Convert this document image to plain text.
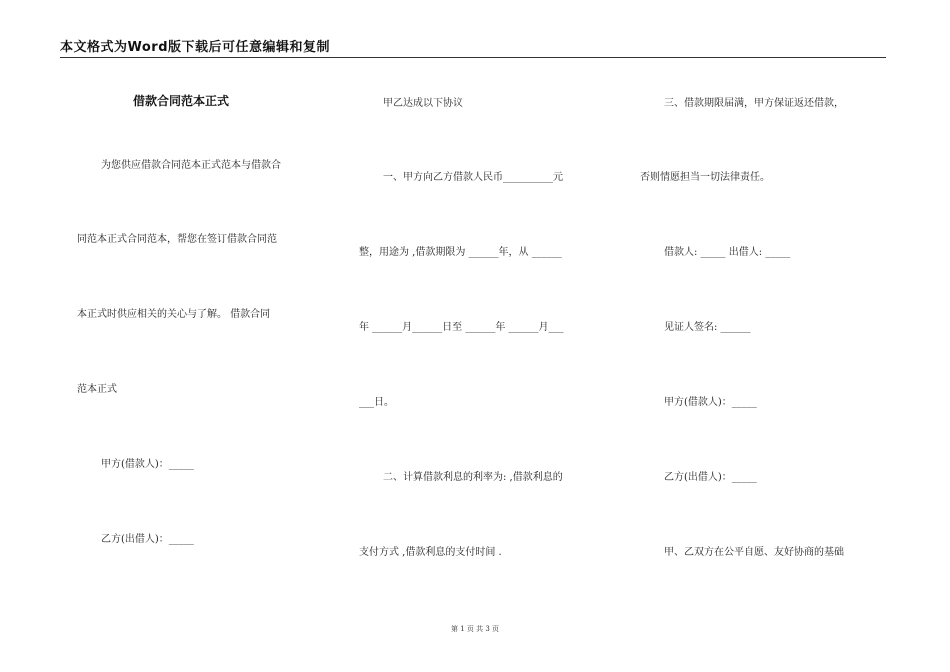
本文格式为Word版下载后可任意编辑和复制
借款合同范本正式
为您供应借款合同范本正式范本与借款合
同范本正式合同范本，帮您在签订借款合同范
本正式时供应相关的关心与了解。 借款合同
范本正式
甲方(借款人)：_____
乙方(出借人)：_____
甲乙达成以下协议
一、甲方向乙方借款人民币__________元
整，用途为 ,借款期限为 ______年，从 ______
年 ______月______日至 ______年 ______月___
___日。
二、计算借款利息的利率为: ,借款利息的
支付方式 ,借款利息的支付时间 .
三、借款期限届满，甲方保证返还借款，
否则情愿担当一切法律责任。
借款人: _____ 出借人: _____
见证人签名: ______
甲方(借款人)：_____
乙方(出借人)：_____
甲、乙双方在公平自愿、友好协商的基础
第 1 页 共 3 页
